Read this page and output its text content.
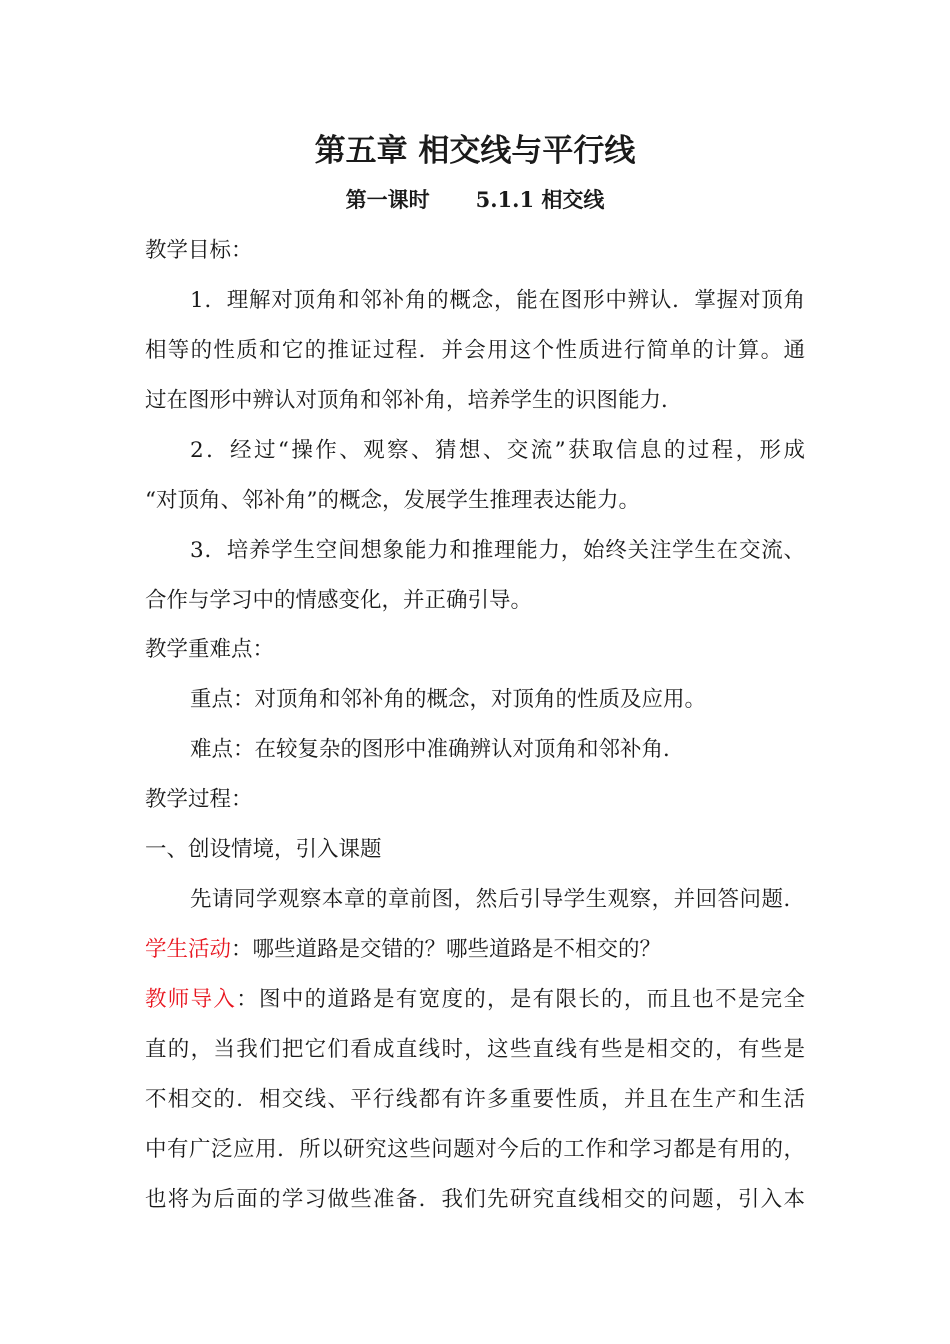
第五章 相交线与平行线
第一课时 5.1.1 相交线
教学目标：
1．理解对顶角和邻补角的概念，能在图形中辨认．掌握对顶角
相等的性质和它的推证过程．并会用这个性质进行简单的计算。通
过在图形中辨认对顶角和邻补角，培养学生的识图能力．
2．经过“操作、观察、猜想、交流”获取信息的过程，形成
“对顶角、邻补角”的概念，发展学生推理表达能力。
3．培养学生空间想象能力和推理能力，始终关注学生在交流、
合作与学习中的情感变化，并正确引导。
教学重难点：
重点：对顶角和邻补角的概念，对顶角的性质及应用。
难点：在较复杂的图形中准确辨认对顶角和邻补角．
教学过程：
一、创设情境，引入课题
先请同学观察本章的章前图，然后引导学生观察，并回答问题．
学生活动：哪些道路是交错的？哪些道路是不相交的？
教师导入：图中的道路是有宽度的，是有限长的，而且也不是完全
直的，当我们把它们看成直线时，这些直线有些是相交的，有些是
不相交的．相交线、平行线都有许多重要性质，并且在生产和生活
中有广泛应用．所以研究这些问题对今后的工作和学习都是有用的，
也将为后面的学习做些准备．我们先研究直线相交的问题，引入本
